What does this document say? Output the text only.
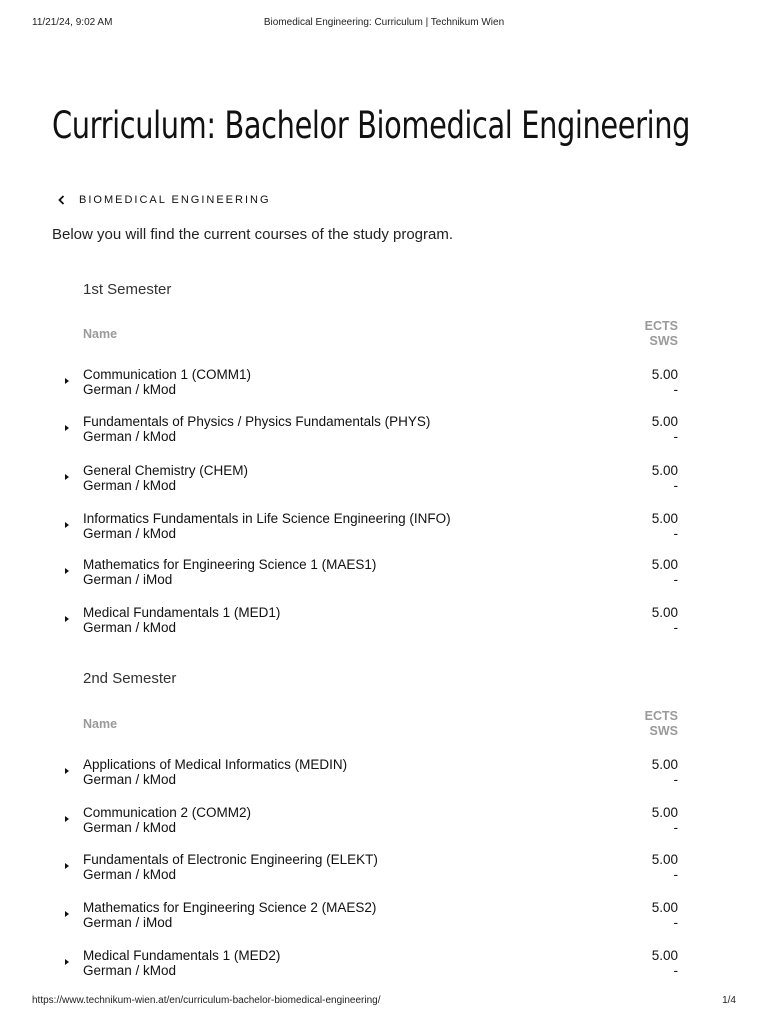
11/21/24, 9:02 AM	Biomedical Engineering: Curriculum | Technikum Wien
Curriculum: Bachelor Biomedical Engineering
BIOMEDICAL ENGINEERING

Below you will find the current courses of the study program.

1st Semester
Name
ECTS
SWS
Communication 1 (COMM1)
German / kMod
5.00
-
Fundamentals of Physics / Physics Fundamentals (PHYS)
German / kMod
5.00
-
General Chemistry (CHEM)
German / kMod
5.00
-
Informatics Fundamentals in Life Science Engineering (INFO)
German / kMod
5.00
-
Mathematics for Engineering Science 1 (MAES1)
German / iMod
5.00
-
Medical Fundamentals 1 (MED1)
German / kMod
5.00
-
2nd Semester
Name
ECTS
SWS
Applications of Medical Informatics (MEDIN)
German / kMod
5.00
-
Communication 2 (COMM2)
German / kMod
5.00
-
Fundamentals of Electronic Engineering (ELEKT)
German / kMod
5.00
-
Mathematics for Engineering Science 2 (MAES2)
German / iMod
5.00
-
Medical Fundamentals 1 (MED2)
German / kMod
5.00
-
https://www.technikum-wien.at/en/curriculum-bachelor-biomedical-engineering/	1/4
